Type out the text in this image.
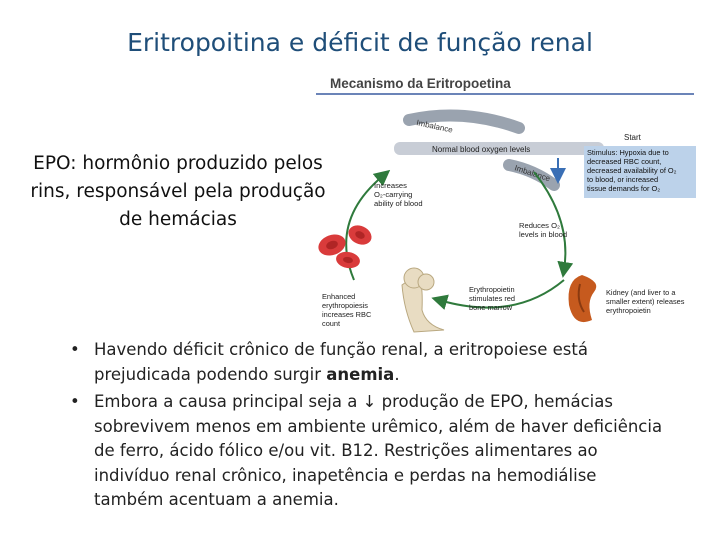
Eritropoitina e déficit de função renal
EPO: hormônio produzido pelos rins, responsável pela produção de hemácias
Mecanismo da Eritropoetina
Imbalance
Normal blood oxygen levels
Imbalance
Start
Stimulus: Hypoxia due to
decreased RBC count,
decreased availability of O₂
to blood, or increased
tissue demands for O₂
Increases
O₂-carrying
ability of blood
Reduces O₂
levels in blood
Enhanced
erythropoiesis
increases RBC
count
Erythropoietin
stimulates red
bone marrow
Kidney (and liver to a
smaller extent) releases
erythropoietin
• Havendo déficit crônico de função renal, a eritropoiese está prejudicada podendo surgir anemia.
• Embora a causa principal seja a ↓ produção de EPO, hemácias sobrevivem menos em ambiente urêmico, além de haver deficiência de ferro, ácido fólico e/ou vit. B12. Restrições alimentares ao indivíduo renal crônico, inapetência e perdas na hemodiálise também acentuam a anemia.
